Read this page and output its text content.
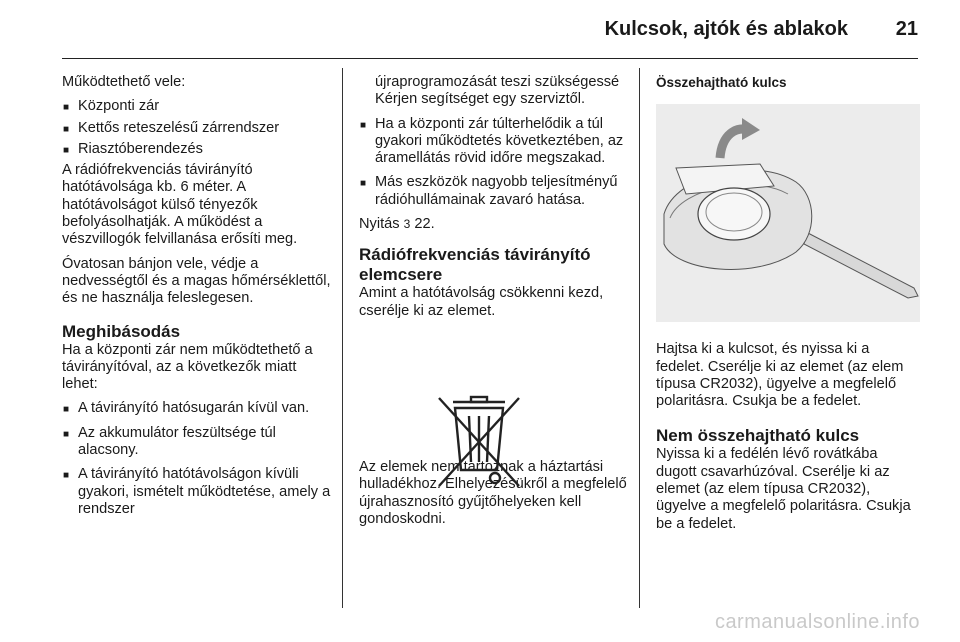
Kulcsok, ajtók és ablakok 21

Működtethető vele:

■ Központi zár
■ Kettős reteszelésű zárrendszer
■ Riasztóberendezés

A rádiófrekvenciás távirányító hatótávolsága kb. 6 méter. A hatótávolságot külső tényezők befolyásolhatják. A működést a vészvillogók felvillanása erősíti meg.

Óvatosan bánjon vele, védje a nedvességtől és a magas hőmérséklettől, és ne használja feleslegesen.

Meghibásodás

Ha a központi zár nem működtethető a távirányítóval, az a következők miatt lehet:

■ A távirányító hatósugarán kívül van.
■ Az akkumulátor feszültsége túl alacsony.
■ A távirányító hatótávolságon kívüli gyakori, ismételt működtetése, amely a rendszer

újraprogramozását teszi szükségessé Kérjen segítséget egy szerviztől.

■ Ha a központi zár túlterhelődik a túl gyakori működtetés következtében, az áramellátás rövid időre megszakad.
■ Más eszközök nagyobb teljesítményű rádióhullámainak zavaró hatása.

Nyitás 3 22.

Rádiófrekvenciás távirányító elemcsere

Amint a hatótávolság csökkenni kezd, cserélje ki az elemet.

Az elemek nem tartoznak a háztartási hulladékhoz. Elhelyezésükről a megfelelő újrahasznosító gyűjtőhelyeken kell gondoskodni.

Összehajtható kulcs

Hajtsa ki a kulcsot, és nyissa ki a fedelet. Cserélje ki az elemet (az elem típusa CR2032), ügyelve a megfelelő polaritásra. Csukja be a fedelet.

Nem összehajtható kulcs

Nyissa ki a fedélén lévő rovátkába dugott csavarhúzóval. Cserélje ki az elemet (az elem típusa CR2032), ügyelve a megfelelő polaritásra. Csukja be a fedelet.

carmanualsonline.info
